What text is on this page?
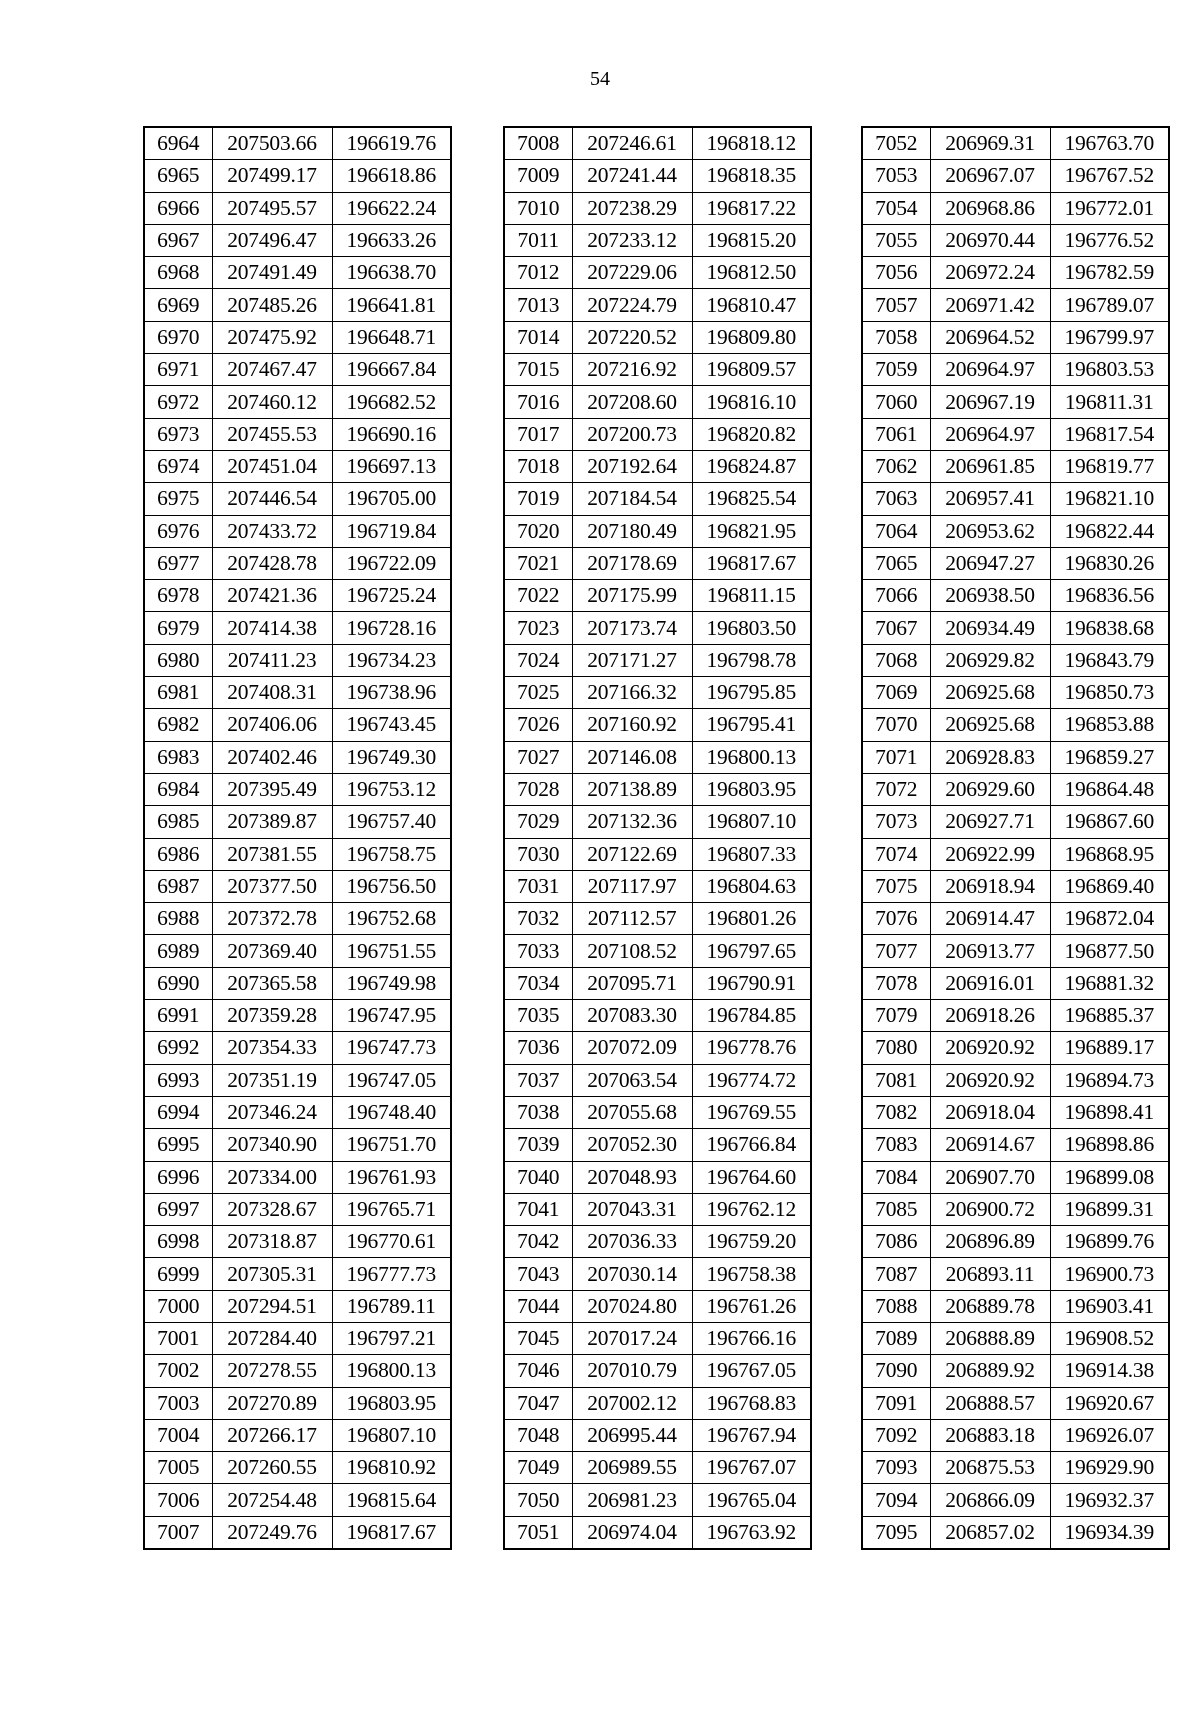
54
6964	207503.66	196619.76
6965	207499.17	196618.86
6966	207495.57	196622.24
6967	207496.47	196633.26
6968	207491.49	196638.70
6969	207485.26	196641.81
6970	207475.92	196648.71
6971	207467.47	196667.84
6972	207460.12	196682.52
6973	207455.53	196690.16
6974	207451.04	196697.13
6975	207446.54	196705.00
6976	207433.72	196719.84
6977	207428.78	196722.09
6978	207421.36	196725.24
6979	207414.38	196728.16
6980	207411.23	196734.23
6981	207408.31	196738.96
6982	207406.06	196743.45
6983	207402.46	196749.30
6984	207395.49	196753.12
6985	207389.87	196757.40
6986	207381.55	196758.75
6987	207377.50	196756.50
6988	207372.78	196752.68
6989	207369.40	196751.55
6990	207365.58	196749.98
6991	207359.28	196747.95
6992	207354.33	196747.73
6993	207351.19	196747.05
6994	207346.24	196748.40
6995	207340.90	196751.70
6996	207334.00	196761.93
6997	207328.67	196765.71
6998	207318.87	196770.61
6999	207305.31	196777.73
7000	207294.51	196789.11
7001	207284.40	196797.21
7002	207278.55	196800.13
7003	207270.89	196803.95
7004	207266.17	196807.10
7005	207260.55	196810.92
7006	207254.48	196815.64
7007	207249.76	196817.67
7008	207246.61	196818.12
7009	207241.44	196818.35
7010	207238.29	196817.22
7011	207233.12	196815.20
7012	207229.06	196812.50
7013	207224.79	196810.47
7014	207220.52	196809.80
7015	207216.92	196809.57
7016	207208.60	196816.10
7017	207200.73	196820.82
7018	207192.64	196824.87
7019	207184.54	196825.54
7020	207180.49	196821.95
7021	207178.69	196817.67
7022	207175.99	196811.15
7023	207173.74	196803.50
7024	207171.27	196798.78
7025	207166.32	196795.85
7026	207160.92	196795.41
7027	207146.08	196800.13
7028	207138.89	196803.95
7029	207132.36	196807.10
7030	207122.69	196807.33
7031	207117.97	196804.63
7032	207112.57	196801.26
7033	207108.52	196797.65
7034	207095.71	196790.91
7035	207083.30	196784.85
7036	207072.09	196778.76
7037	207063.54	196774.72
7038	207055.68	196769.55
7039	207052.30	196766.84
7040	207048.93	196764.60
7041	207043.31	196762.12
7042	207036.33	196759.20
7043	207030.14	196758.38
7044	207024.80	196761.26
7045	207017.24	196766.16
7046	207010.79	196767.05
7047	207002.12	196768.83
7048	206995.44	196767.94
7049	206989.55	196767.07
7050	206981.23	196765.04
7051	206974.04	196763.92
7052	206969.31	196763.70
7053	206967.07	196767.52
7054	206968.86	196772.01
7055	206970.44	196776.52
7056	206972.24	196782.59
7057	206971.42	196789.07
7058	206964.52	196799.97
7059	206964.97	196803.53
7060	206967.19	196811.31
7061	206964.97	196817.54
7062	206961.85	196819.77
7063	206957.41	196821.10
7064	206953.62	196822.44
7065	206947.27	196830.26
7066	206938.50	196836.56
7067	206934.49	196838.68
7068	206929.82	196843.79
7069	206925.68	196850.73
7070	206925.68	196853.88
7071	206928.83	196859.27
7072	206929.60	196864.48
7073	206927.71	196867.60
7074	206922.99	196868.95
7075	206918.94	196869.40
7076	206914.47	196872.04
7077	206913.77	196877.50
7078	206916.01	196881.32
7079	206918.26	196885.37
7080	206920.92	196889.17
7081	206920.92	196894.73
7082	206918.04	196898.41
7083	206914.67	196898.86
7084	206907.70	196899.08
7085	206900.72	196899.31
7086	206896.89	196899.76
7087	206893.11	196900.73
7088	206889.78	196903.41
7089	206888.89	196908.52
7090	206889.92	196914.38
7091	206888.57	196920.67
7092	206883.18	196926.07
7093	206875.53	196929.90
7094	206866.09	196932.37
7095	206857.02	196934.39
